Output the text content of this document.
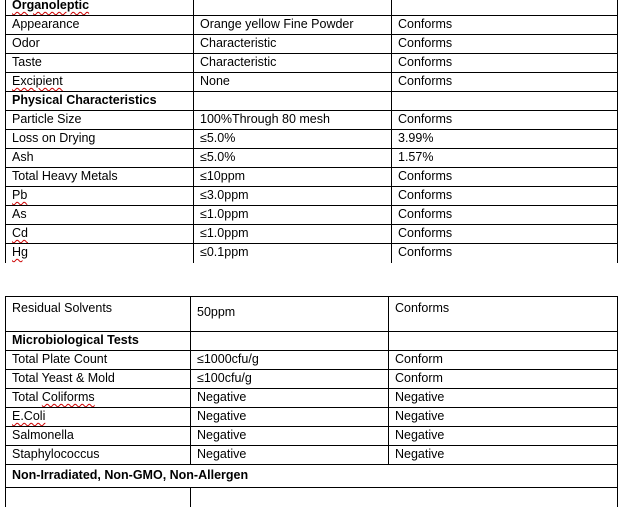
Organoleptic		
Appearance	Orange yellow Fine Powder	Conforms
Odor	Characteristic	Conforms
Taste	Characteristic	Conforms
Excipient	None	Conforms
Physical Characteristics		
Particle Size	100%Through 80 mesh	Conforms
Loss on Drying	≤5.0%	3.99%
Ash	≤5.0%	1.57%
Total Heavy Metals	≤10ppm	Conforms
Pb	≤3.0ppm	Conforms
As	≤1.0ppm	Conforms
Cd	≤1.0ppm	Conforms
Hg	≤0.1ppm	Conforms
Residual Solvents	50ppm	Conforms
Microbiological Tests		
Total Plate Count	≤1000cfu/g	Conform
Total Yeast & Mold	≤100cfu/g	Conform
Total Coliforms	Negative	Negative
E.Coli	Negative	Negative
Salmonella	Negative	Negative
Staphylococcus	Negative	Negative
Non-Irradiated, Non-GMO, Non-Allergen		
